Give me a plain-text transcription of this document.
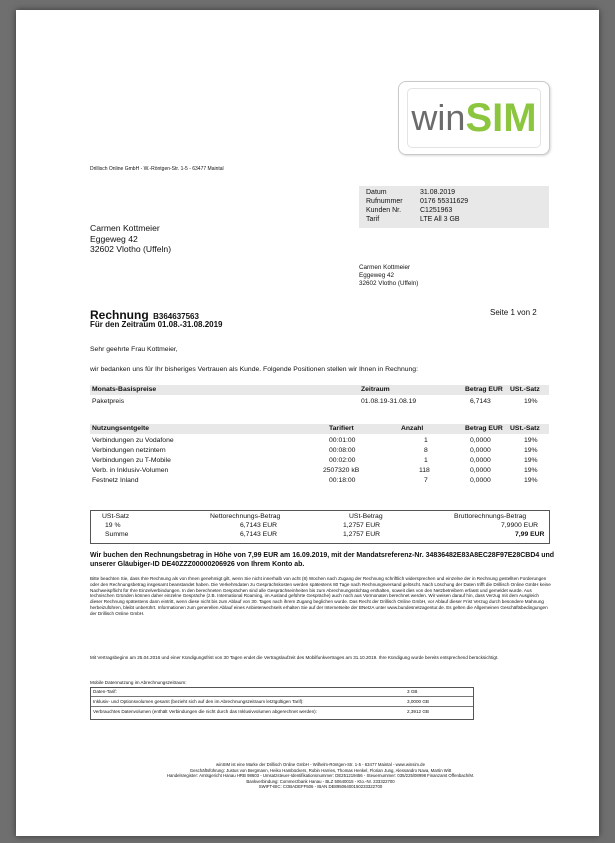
win SIM
Drillisch Online GmbH - W.-Röntgen-Str. 1-5 - 63477 Maintal
Datum	31.08.2019
Rufnummer	0176 55311629
Kunden Nr.	C1251963
Tarif	LTE All 3 GB
Carmen Kottmeier
Eggeweg 42
32602 Vlotho (Uffeln)
Carmen Kottmeier
Eggeweg 42
32602 Vlotho (Uffeln)
Rechnung B364637563
Für den Zeitraum 01.08.-31.08.2019
Seite 1 von 2
Sehr geehrte Frau Kottmeier,
wir bedanken uns für Ihr bisheriges Vertrauen als Kunde. Folgende Positionen stellen wir Ihnen in Rechnung:
Monats-Basispreise	Zeitraum	Betrag EUR USt.-Satz
Paketpreis	01.08.19-31.08.19	6,7143	19%
Nutzungsentgelte	Tarifiert	Anzahl	Betrag EUR USt.-Satz
Verbindungen zu Vodafone	00:01:00	1	0,0000	19%
Verbindungen netzintern	00:08:00	8	0,0000	19%
Verbindungen zu T-Mobile	00:02:00	1	0,0000	19%
Verb. in Inklusiv-Volumen	2507320 kB	118	0,0000	19%
Festnetz Inland	00:18:00	7	0,0000	19%
USt-Satz	Nettorechnungs-Betrag	USt-Betrag	Bruttorechnungs-Betrag
19 %	6,7143 EUR	1,2757 EUR	7,9900 EUR
Summe	6,7143 EUR	1,2757 EUR	7,99 EUR
Wir buchen den Rechnungsbetrag in Höhe von 7,99 EUR am 16.09.2019, mit der Mandatsreferenz-Nr. 34836482E83A8EC28F97E28CBD4 und unserer Gläubiger-ID DE40ZZZ00000206926 von Ihrem Konto ab.
Bitte beachten Sie, dass Ihre Rechnung als von Ihnen genehmigt gilt, wenn Sie nicht innerhalb von acht (8) Wochen nach Zugang der Rechnung schriftlich widersprechen und einzelne der in Rechnung gestellten Forderungen oder den Rechnungsbetrag insgesamt beanstandet haben. Die Verkehrsdaten zu Gesprächskosten werden spätestens 80 Tage nach Rechnungsversand gelöscht. Nach Löschung der Daten trifft die Drillisch Online GmbH keine Nachweispflicht für Ihre Einzelverbindungen. In den berechneten Gesprächen sind alle Gesprächseinheiten bis zum Abrechnungsstichtag enthalten, soweit dies von den Netzbetreibern erfasst und gemeldet wurde. Aus technischen Gründen können daher einzelne Gespräche (z.B. International Roaming, im Ausland geführte Gespräche) auch noch aus Vormonaten berechnet werden. Wir weisen darauf hin, dass Verzug mit dem Ausgleich dieser Rechnung spätestens dann eintritt, wenn diese nicht bis zum Ablauf von 30. Tages nach ihrem Zugang beglichen wurde. Das Recht der Drillisch Online GmbH, vor Ablauf dieser Frist Verzug durch besondere Mahnung herbeizuführen, bleibt unberührt. Informationen zum generellen Ablauf eines Anbieterwechsels erhalten Sie auf der Internetseite der BNetzA unter www.bundesnetzagentur.de. Es gelten die Allgemeinen Geschäftsbedingungen der Drillisch Online GmbH.
Mit Vertragsbeginn am 25.04.2016 und einer Kündigungsfrist von 30 Tagen endet die Vertragslaufzeit des Mobilfunkvertrages am 31.10.2019. Ihre Kündigung wurde bereits entsprechend berücksichtigt.
Mobile Datennutzung im Abrechnungszeitraum:
Daten-Tarif:	3 GB
Inklusiv- und Optionsvolumen gesamt (bezieht sich auf den im Abrechnungszeitraum letztgültigen Tarif):	3,0000 GB
Verbrauchtes Datenvolumen (enthält Verbindungen die nicht durch das Inklusivvolumen abgerechnet werden):	2,3912 GB
winSIM ist eine Marke der Drillisch Online GmbH - Wilhelm-Röntgen-Str. 1-5 - 63477 Maintal - www.winsim.de
Geschäftsführung: Justus von Bergmann, Heiko Hambückers, Robin Harries, Thomas Henkel, Florian Jung, Alessandro Nava, Martin Witt
Handelsregister: Amtsgericht Hanau HRB 98603 - Umsatzsteuer-Identifikationsnummer: DE251219456 - Steuernummer: 035/225/08998 Finanzamt Offenbach/M.
Bankverbindung: Commerzbank Hanau - BLZ 50640015 - Kto.-Nr. 233322700
SWIFT-BIC: COBADEFF506 - IBAN DE89506400150233322700
